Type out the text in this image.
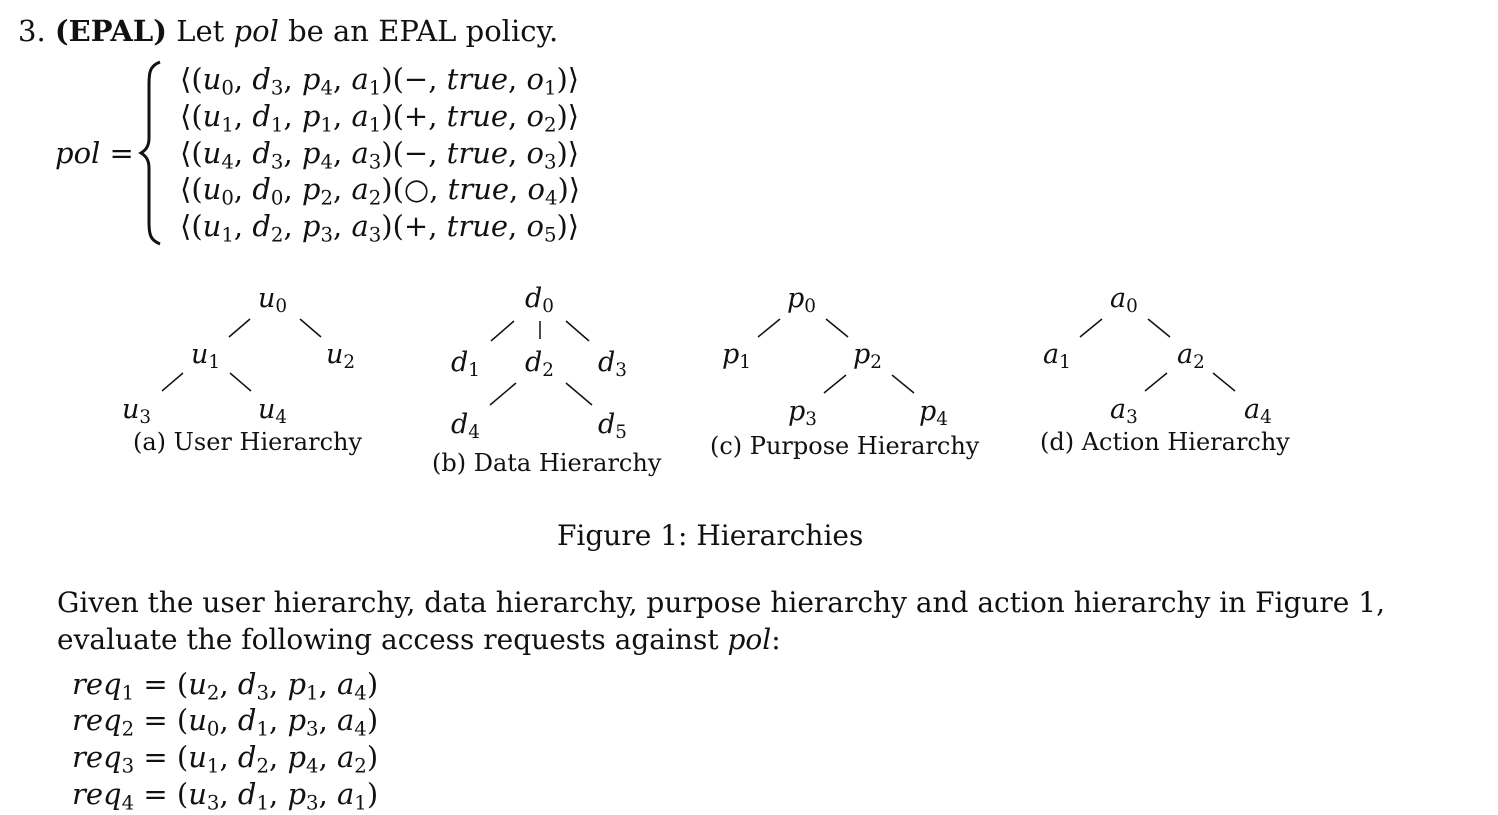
3. (EPAL) Let pol be an EPAL policy.
pol =
$⟨(u_0$, $d_3$, $p_4$, $a_1)(-$, true, $o_1)⟩$
$⟨(u_1$, $d_1$, $p_1$, $a_1)(+$, true, $o_2)⟩$
$⟨(u_4$, $d_3$, $p_4$, $a_3)(-$, true, $o_3)⟩$
$⟨(u_0$, $d_0$, $p_2$, $a_2)(○$, true, $o_4)⟩$
$⟨(u_1$, $d_2$, $p_3$, $a_3)(+$, true, $o_5)⟩$
$u_0$
$u_1$	$u_2$
$u_3$	$u_4$
(a) User Hierarchy
$d_0$
$d_1$ $d_2$ $d_3$
$d_4$	$d_5$
(b) Data Hierarchy
$p_0$
$p_1$	$p_2$
$p_3$	$p_4$
(c) Purpose Hierarchy
$a_0$
$a_1$	$a_2$
$a_3$	$a_4$
(d) Action Hierarchy
Figure 1: Hierarchies
Given the user hierarchy, data hierarchy, purpose hierarchy and action hierarchy in Figure 1, evaluate the following access requests against pol:
$req_1 = (u_2$, $d_3$, $p_1$, $a_4$)
$req_2 = (u_0$, $d_1$, $p_3$, $a_4$)
$req_3 = (u_1$, $d_2$, $p_4$, $a_2$)
$req_4 = (u_3$, $d_1$, $p_3$, $a_1$)
